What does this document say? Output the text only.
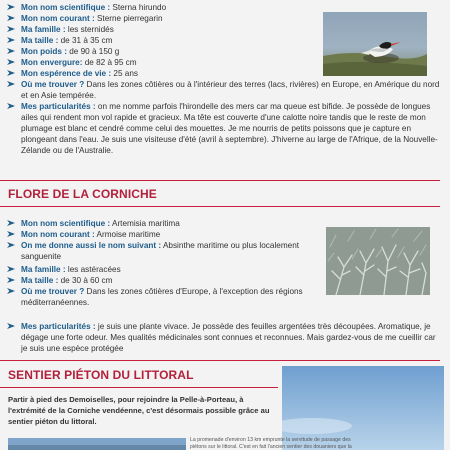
Mon nom scientifique : Sterna hirundo
Mon nom courant : Sterne pierregarin
Ma famille : les sternidés
Ma taille : de 31 à 35 cm
Mon poids : de 90 à 150 g
Mon envergure: de 82 à 95 cm
Mon espérence de vie : 25 ans
Où me trouver ? Dans les zones côtières ou à l'intérieur des terres (lacs, rivières) en Europe, en Amérique du nord et en Asie tempérée.
Mes particularités : on me nomme parfois l'hirondelle des mers car ma queue est bifide. Je possède de longues ailes qui rendent mon vol rapide et gracieux. Ma tête est couverte d'une calotte noire tandis que le reste de mon plumage est blanc et cendré comme celui des mouettes. Je me nourris de petits poissons que je capture en plongeant dans l'eau. Je suis une visiteuse d'été (avril à septembre). J'hiverne au large de l'Afrique, de la Nouvelle-Zélande ou de l'Australie.
FLORE DE LA CORNICHE
Mon nom scientifique : Artemisia maritima
Mon nom courant : Armoise maritime
On me donne aussi le nom suivant : Absinthe maritime ou plus localement sanguenite
Ma famille : les astéracées
Ma taille : de 30 à 60 cm
Où me trouver ? Dans les zones côtières d'Europe, à l'exception des régions méditerranéennes.
Mes particularités : je suis une plante vivace. Je possède des feuilles argentées très découpées. Aromatique, je dégage une forte odeur. Mes qualités médicinales sont connues et reconnues. Mais gardez-vous de me cueillir car je suis une espèce protégée
SENTIER PIÉTON DU LITTORAL
Partir à pied des Demoiselles, pour rejoindre la Pelle-à-Porteau, à l'extrémité de la Corniche vendéenne, c'est désormais possible grâce au sentier piéton du littoral.
La promenade d'environ 13 km emprunte la servitude de passage des piétons sur le littoral. C'est en fait l'ancien sentier des douaniers que la
